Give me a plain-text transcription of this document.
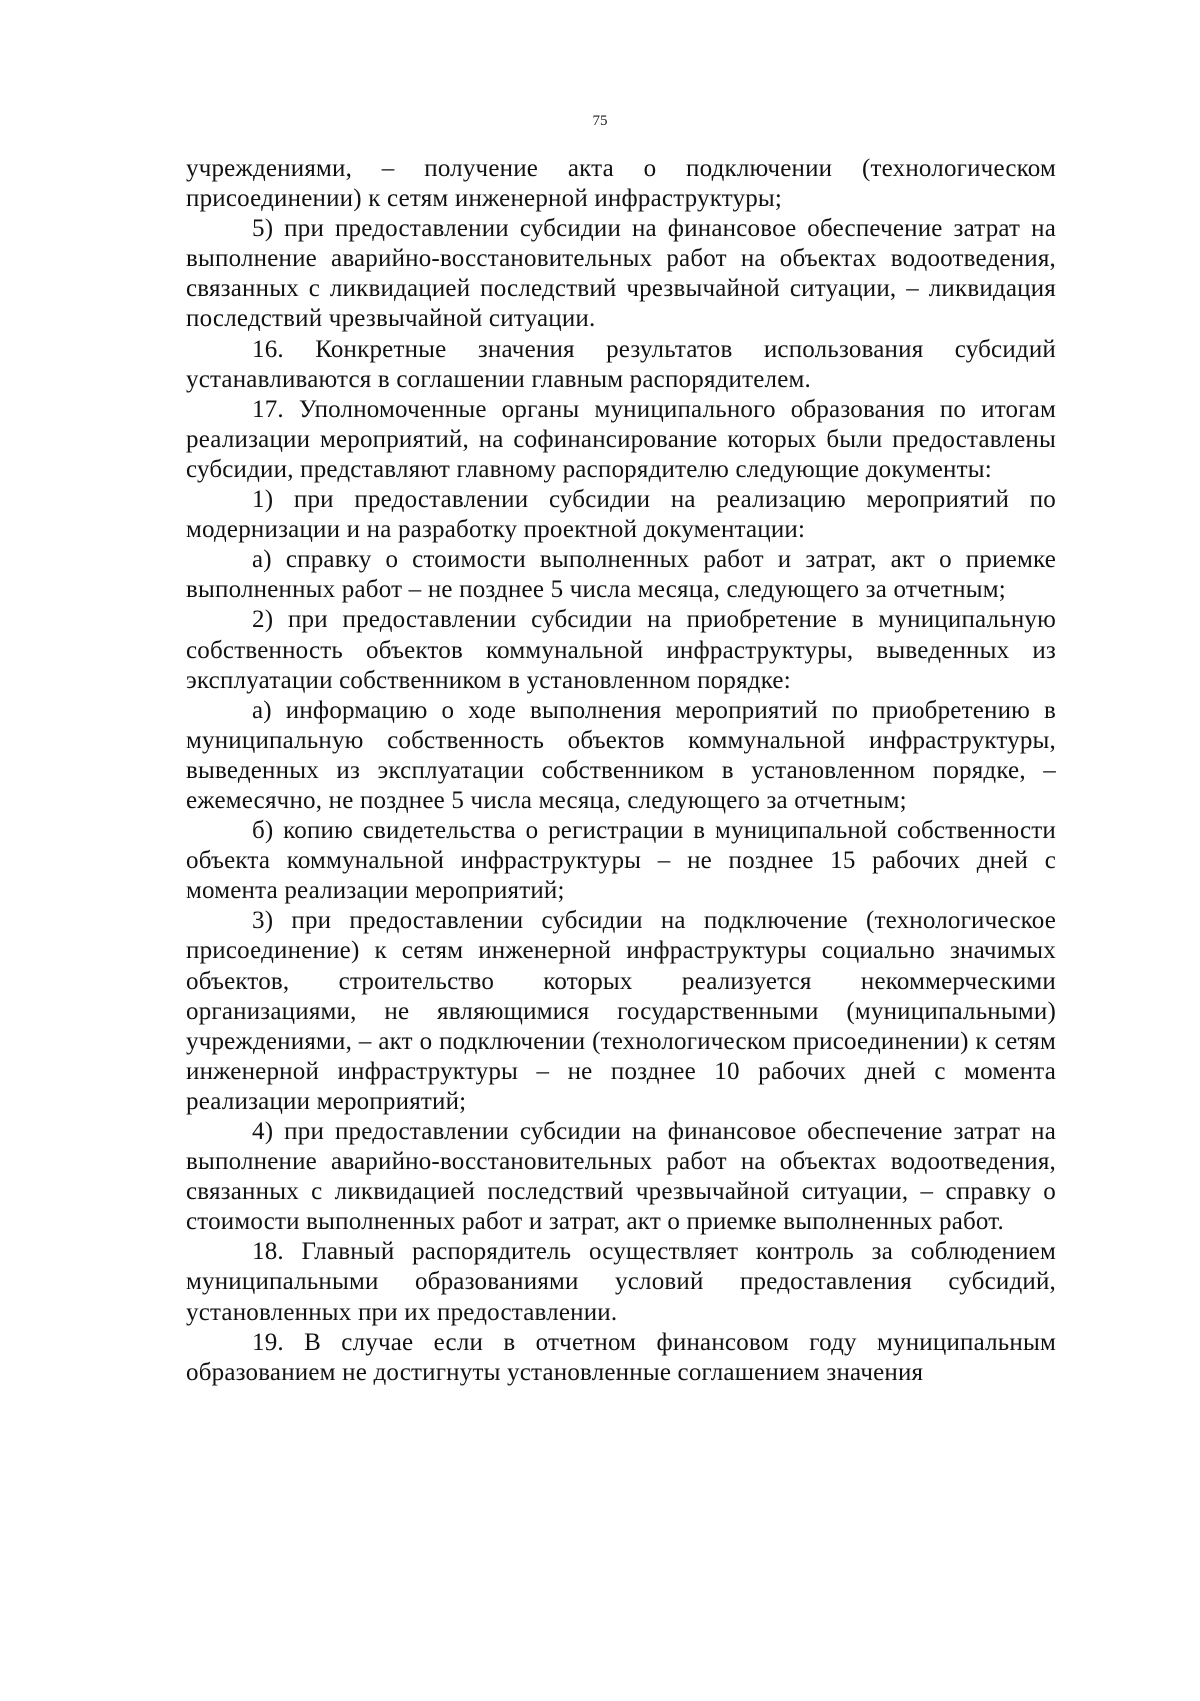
75

учреждениями, – получение акта о подключении (технологическом присоединении) к сетям инженерной инфраструктуры;

5) при предоставлении субсидии на финансовое обеспечение затрат на выполнение аварийно-восстановительных работ на объектах водоотведения, связанных с ликвидацией последствий чрезвычайной ситуации, – ликвидация последствий чрезвычайной ситуации.

16. Конкретные значения результатов использования субсидий устанавливаются в соглашении главным распорядителем.

17. Уполномоченные органы муниципального образования по итогам реализации мероприятий, на софинансирование которых были предоставлены субсидии, представляют главному распорядителю следующие документы:

1) при предоставлении субсидии на реализацию мероприятий по модернизации и на разработку проектной документации:

а) справку о стоимости выполненных работ и затрат, акт о приемке выполненных работ – не позднее 5 числа месяца, следующего за отчетным;

2) при предоставлении субсидии на приобретение в муниципальную собственность объектов коммунальной инфраструктуры, выведенных из эксплуатации собственником в установленном порядке:

а) информацию о ходе выполнения мероприятий по приобретению в муниципальную собственность объектов коммунальной инфраструктуры, выведенных из эксплуатации собственником в установленном порядке, – ежемесячно, не позднее 5 числа месяца, следующего за отчетным;

б) копию свидетельства о регистрации в муниципальной собственности объекта коммунальной инфраструктуры – не позднее 15 рабочих дней с момента реализации мероприятий;

3) при предоставлении субсидии на подключение (технологическое присоединение) к сетям инженерной инфраструктуры социально значимых объектов, строительство которых реализуется некоммерческими организациями, не являющимися государственными (муниципальными) учреждениями, – акт о подключении (технологическом присоединении) к сетям инженерной инфраструктуры – не позднее 10 рабочих дней с момента реализации мероприятий;

4) при предоставлении субсидии на финансовое обеспечение затрат на выполнение аварийно-восстановительных работ на объектах водоотведения, связанных с ликвидацией последствий чрезвычайной ситуации, – справку о стоимости выполненных работ и затрат, акт о приемке выполненных работ.

18. Главный распорядитель осуществляет контроль за соблюдением муниципальными образованиями условий предоставления субсидий, установленных при их предоставлении.

19. В случае если в отчетном финансовом году муниципальным образованием не достигнуты установленные соглашением значения
